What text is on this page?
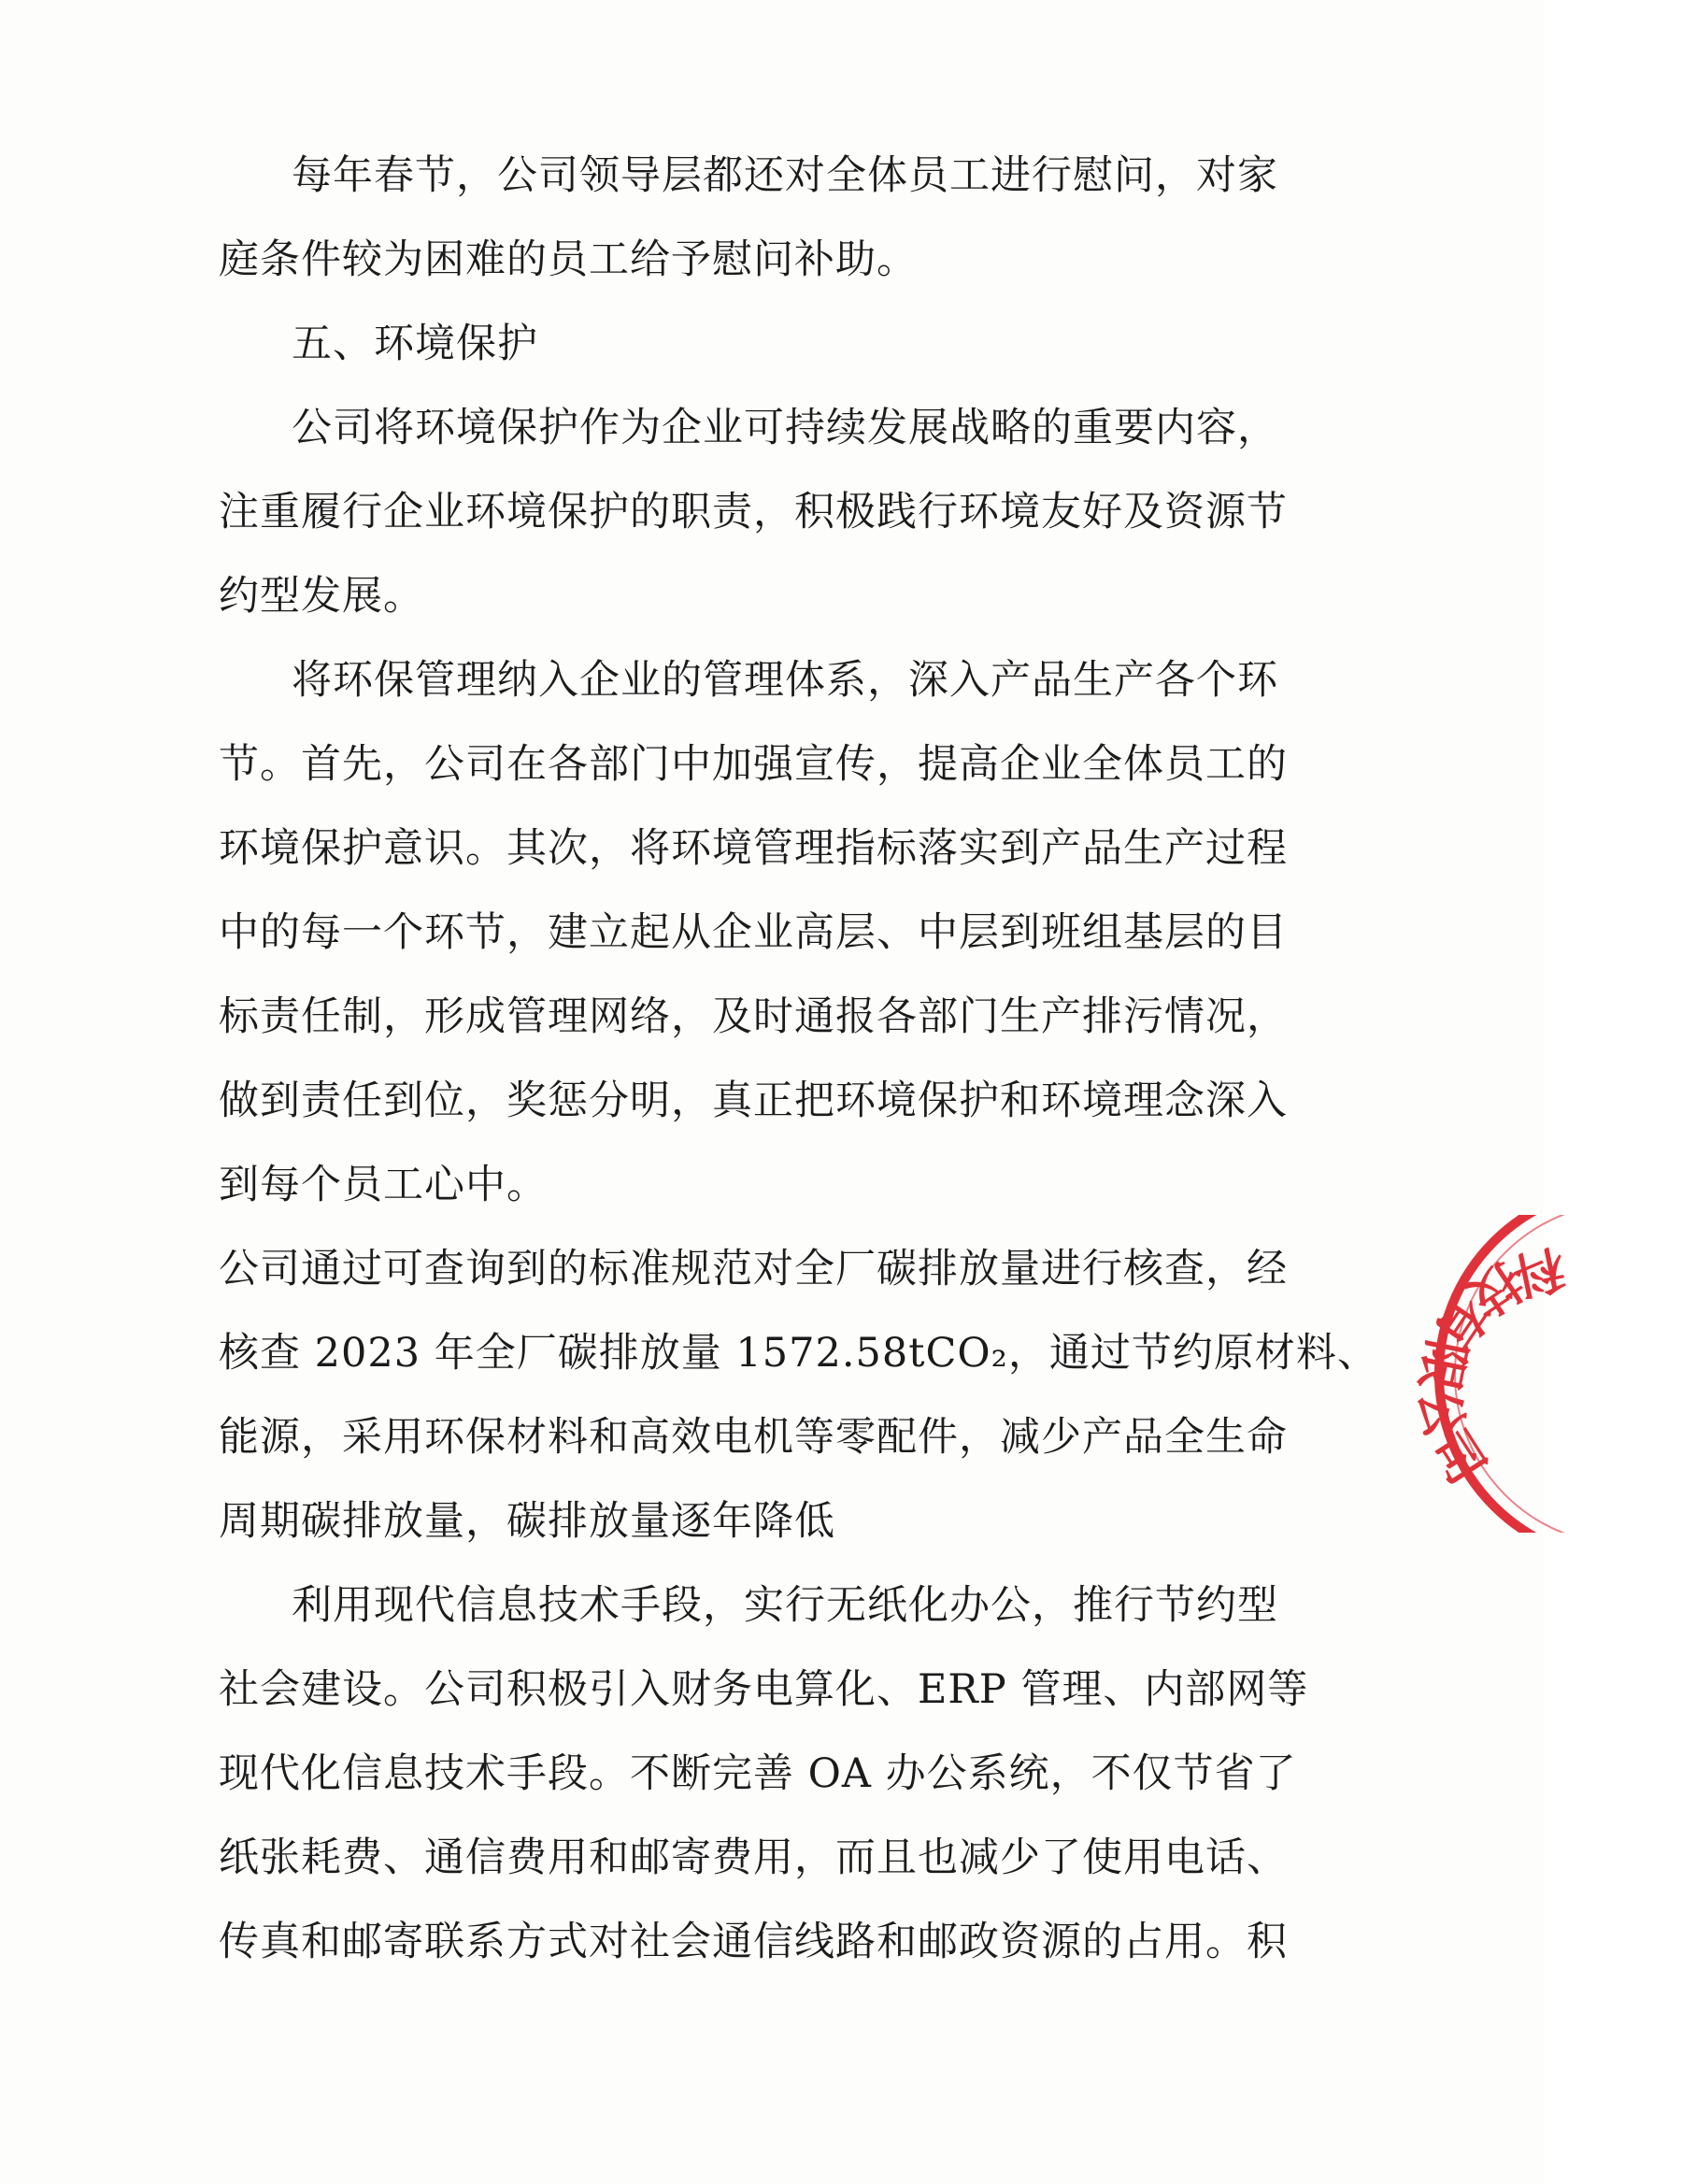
每年春节，公司领导层都还对全体员工进行慰问，对家
庭条件较为困难的员工给予慰问补助。
五、环境保护
公司将环境保护作为企业可持续发展战略的重要内容，
注重履行企业环境保护的职责，积极践行环境友好及资源节
约型发展。
将环保管理纳入企业的管理体系，深入产品生产各个环
节。首先，公司在各部门中加强宣传，提高企业全体员工的
环境保护意识。其次，将环境管理指标落实到产品生产过程
中的每一个环节，建立起从企业高层、中层到班组基层的目
标责任制，形成管理网络，及时通报各部门生产排污情况，
做到责任到位，奖惩分明，真正把环境保护和环境理念深入
到每个员工心中。
公司通过可查询到的标准规范对全厂碳排放量进行核查，经
核查 2023 年全厂碳排放量 1572.58tCO₂，通过节约原材料、
能源，采用环保材料和高效电机等零配件，减少产品全生命
周期碳排放量，碳排放量逐年降低
利用现代信息技术手段，实行无纸化办公，推行节约型
社会建设。公司积极引入财务电算化、ERP 管理、内部网等
现代化信息技术手段。不断完善 OA 办公系统，不仅节省了
纸张耗费、通信费用和邮寄费用，而且也减少了使用电话、
传真和邮寄联系方式对社会通信线路和邮政资源的占用。积
科技有限公司
